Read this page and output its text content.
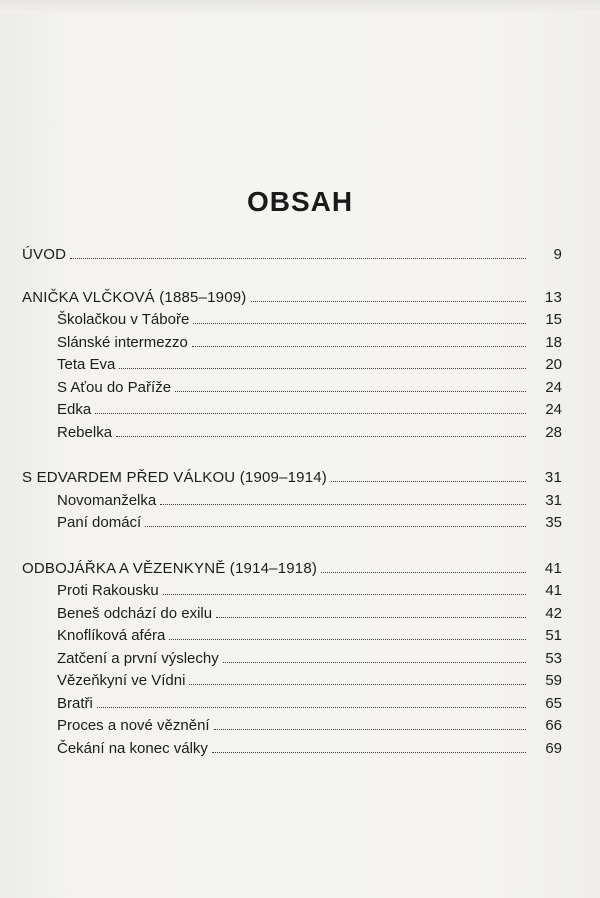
OBSAH
ÚVOD	9
ANIČKA VLČKOVÁ (1885–1909)	13
Školačkou v Táboře	15
Slánské intermezzo	18
Teta Eva	20
S Aťou do Paříže	24
Edka	24
Rebelka	28
S EDVARDEM PŘED VÁLKOU (1909–1914)	31
Novomanželka	31
Paní domácí	35
ODBOJÁŘKA A VĚZENKYNĚ (1914–1918)	41
Proti Rakousku	41
Beneš odchází do exilu	42
Knoflíková aféra	51
Zatčení a první výslechy	53
Vězeňkyní ve Vídni	59
Bratři	65
Proces a nové věznění	66
Čekání na konec války	69
